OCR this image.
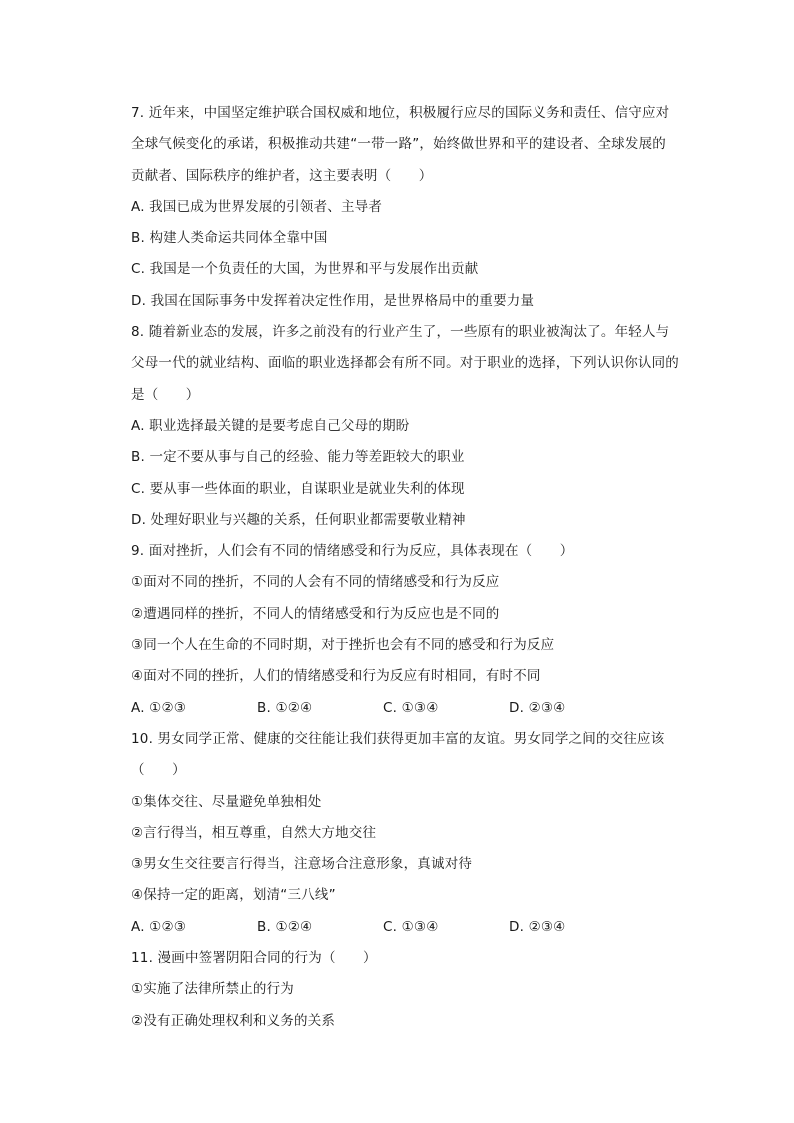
7. 近年来，中国坚定维护联合国权威和地位，积极履行应尽的国际义务和责任、信守应对
全球气候变化的承诺，积极推动共建“一带一路”，始终做世界和平的建设者、全球发展的
贡献者、国际秩序的维护者，这主要表明（　　）
A. 我国已成为世界发展的引领者、主导者
B. 构建人类命运共同体全靠中国
C. 我国是一个负责任的大国，为世界和平与发展作出贡献
D. 我国在国际事务中发挥着决定性作用，是世界格局中的重要力量
8. 随着新业态的发展，许多之前没有的行业产生了，一些原有的职业被淘汰了。年轻人与
父母一代的就业结构、面临的职业选择都会有所不同。对于职业的选择，下列认识你认同的
是（　　）
A. 职业选择最关键的是要考虑自己父母的期盼
B. 一定不要从事与自己的经验、能力等差距较大的职业
C. 要从事一些体面的职业，自谋职业是就业失利的体现
D. 处理好职业与兴趣的关系，任何职业都需要敬业精神
9. 面对挫折，人们会有不同的情绪感受和行为反应，具体表现在（　　）
①面对不同的挫折，不同的人会有不同的情绪感受和行为反应
②遭遇同样的挫折，不同人的情绪感受和行为反应也是不同的
③同一个人在生命的不同时期，对于挫折也会有不同的感受和行为反应
④面对不同的挫折，人们的情绪感受和行为反应有时相同，有时不同
A. ①②③	B. ①②④	C. ①③④	D. ②③④
10. 男女同学正常、健康的交往能让我们获得更加丰富的友谊。男女同学之间的交往应该
（　　）
①集体交往、尽量避免单独相处
②言行得当，相互尊重，自然大方地交往
③男女生交往要言行得当，注意场合注意形象，真诚对待
④保持一定的距离，划清“三八线”
A. ①②③	B. ①②④	C. ①③④	D. ②③④
11. 漫画中签署阴阳合同的行为（　　）
①实施了法律所禁止的行为
②没有正确处理权利和义务的关系
